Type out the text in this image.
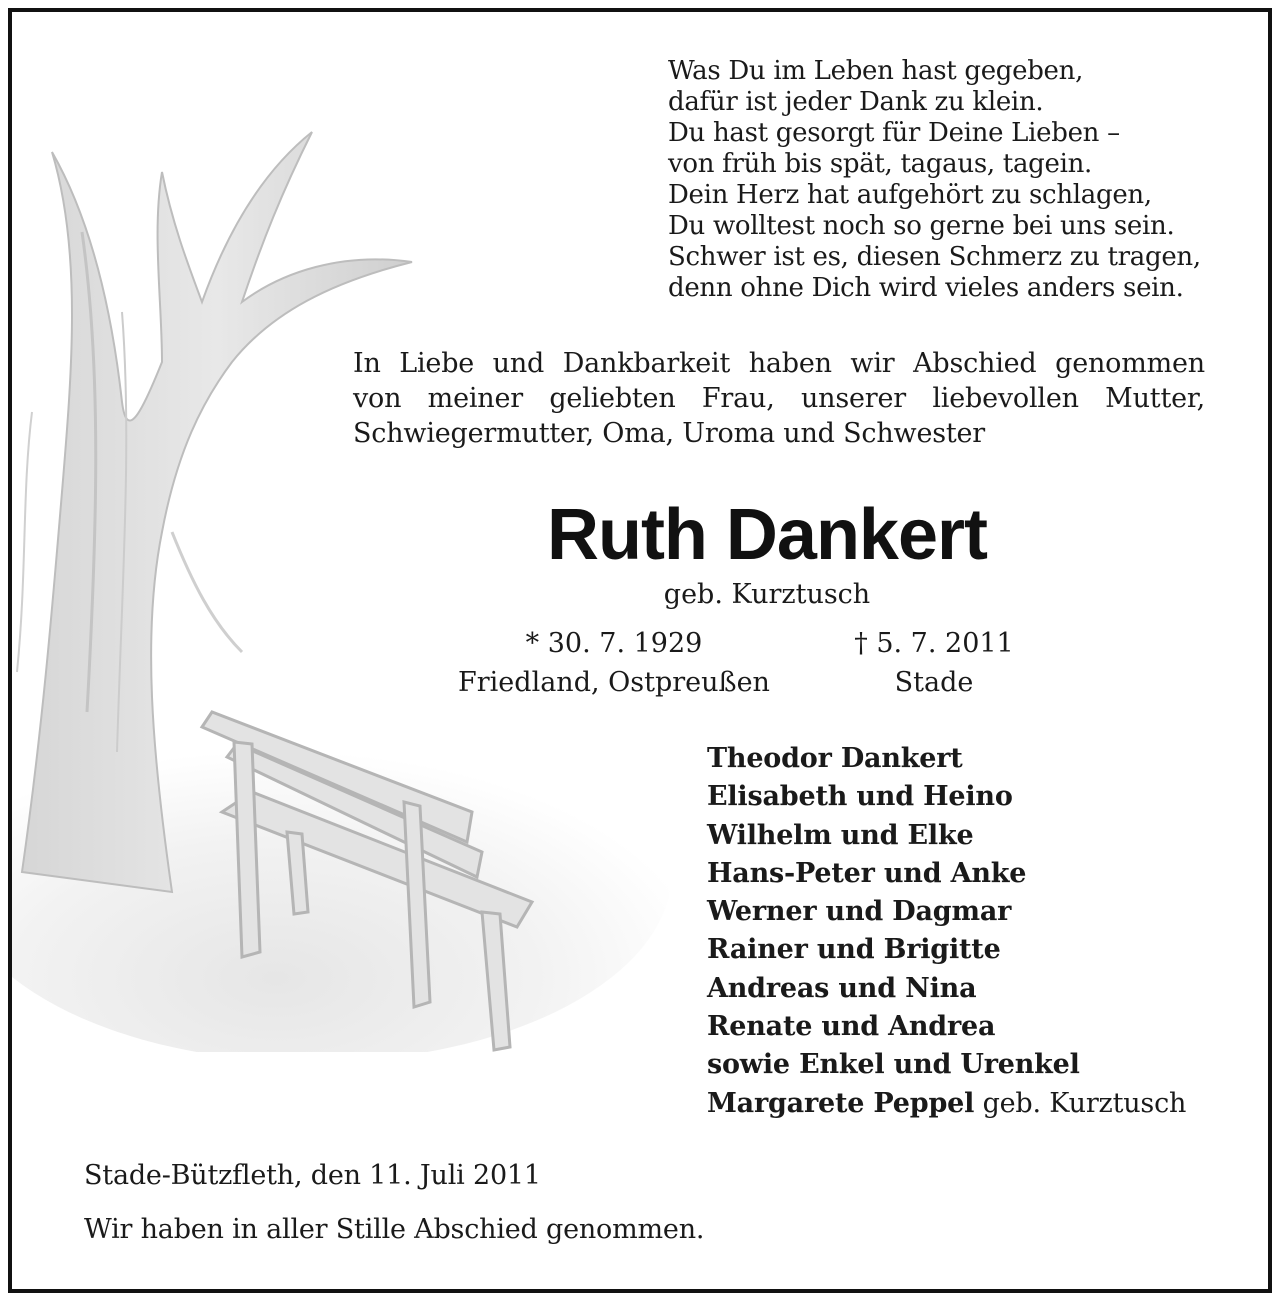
Was Du im Leben hast gegeben,
dafür ist jeder Dank zu klein.
Du hast gesorgt für Deine Lieben –
von früh bis spät, tagaus, tagein.
Dein Herz hat aufgehört zu schlagen,
Du wolltest noch so gerne bei uns sein.
Schwer ist es, diesen Schmerz zu tragen,
denn ohne Dich wird vieles anders sein.
In Liebe und Dankbarkeit haben wir Abschied genommen
von meiner geliebten Frau, unserer liebevollen Mutter,
Schwiegermutter, Oma, Uroma und Schwester
Ruth Dankert
geb. Kurztusch
* 30. 7. 1929
Friedland, Ostpreußen
† 5. 7. 2011
Stade
Theodor Dankert
Elisabeth und Heino
Wilhelm und Elke
Hans-Peter und Anke
Werner und Dagmar
Rainer und Brigitte
Andreas und Nina
Renate und Andrea
sowie Enkel und Urenkel
Margarete Peppel geb. Kurztusch
Stade-Bützfleth, den 11. Juli 2011
Wir haben in aller Stille Abschied genommen.
